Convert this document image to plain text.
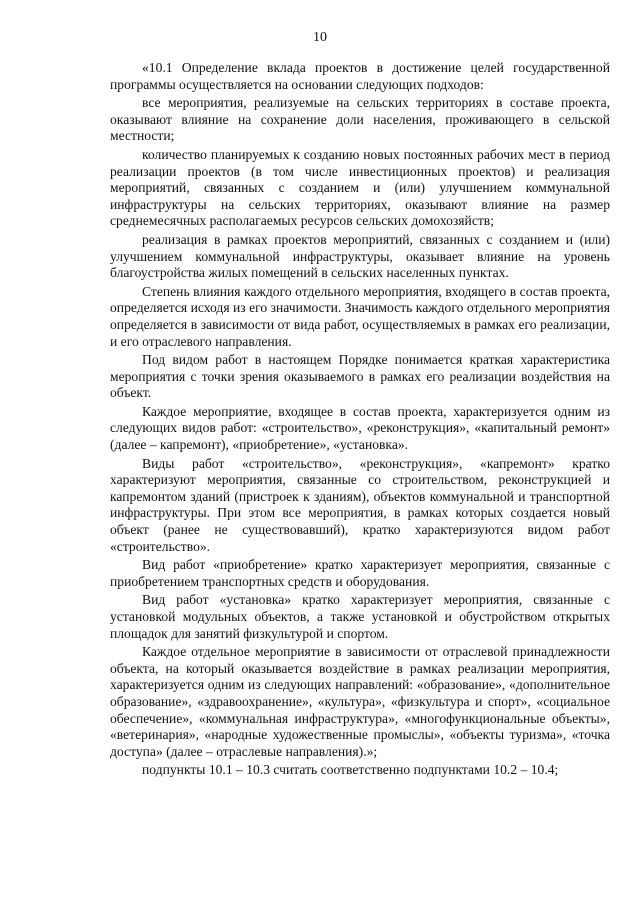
10

«10.1 Определение вклада проектов в достижение целей государственной программы осуществляется на основании следующих подходов:

все мероприятия, реализуемые на сельских территориях в составе проекта, оказывают влияние на сохранение доли населения, проживающего в сельской местности;

количество планируемых к созданию новых постоянных рабочих мест в период реализации проектов (в том числе инвестиционных проектов) и реализация мероприятий, связанных с созданием и (или) улучшением коммунальной инфраструктуры на сельских территориях, оказывают влияние на размер среднемесячных располагаемых ресурсов сельских домохозяйств;

реализация в рамках проектов мероприятий, связанных с созданием и (или) улучшением коммунальной инфраструктуры, оказывает влияние на уровень благоустройства жилых помещений в сельских населенных пунктах.

Степень влияния каждого отдельного мероприятия, входящего в состав проекта, определяется исходя из его значимости. Значимость каждого отдельного мероприятия определяется в зависимости от вида работ, осуществляемых в рамках его реализации, и его отраслевого направления.

Под видом работ в настоящем Порядке понимается краткая характеристика мероприятия с точки зрения оказываемого в рамках его реализации воздействия на объект.

Каждое мероприятие, входящее в состав проекта, характеризуется одним из следующих видов работ: «строительство», «реконструкция», «капитальный ремонт» (далее – капремонт), «приобретение», «установка».

Виды работ «строительство», «реконструкция», «капремонт» кратко характеризуют мероприятия, связанные со строительством, реконструкцией и капремонтом зданий (пристроек к зданиям), объектов коммунальной и транспортной инфраструктуры. При этом все мероприятия, в рамках которых создается новый объект (ранее не существовавший), кратко характеризуются видом работ «строительство».

Вид работ «приобретение» кратко характеризует мероприятия, связанные с приобретением транспортных средств и оборудования.

Вид работ «установка» кратко характеризует мероприятия, связанные с установкой модульных объектов, а также установкой и обустройством открытых площадок для занятий физкультурой и спортом.

Каждое отдельное мероприятие в зависимости от отраслевой принадлежности объекта, на который оказывается воздействие в рамках реализации мероприятия, характеризуется одним из следующих направлений: «образование», «дополнительное образование», «здравоохранение», «культура», «физкультура и спорт», «социальное обеспечение», «коммунальная инфраструктура», «многофункциональные объекты», «ветеринария», «народные художественные промыслы», «объекты туризма», «точка доступа» (далее – отраслевые направления).»;

подпункты 10.1 – 10.3 считать соответственно подпунктами 10.2 – 10.4;
